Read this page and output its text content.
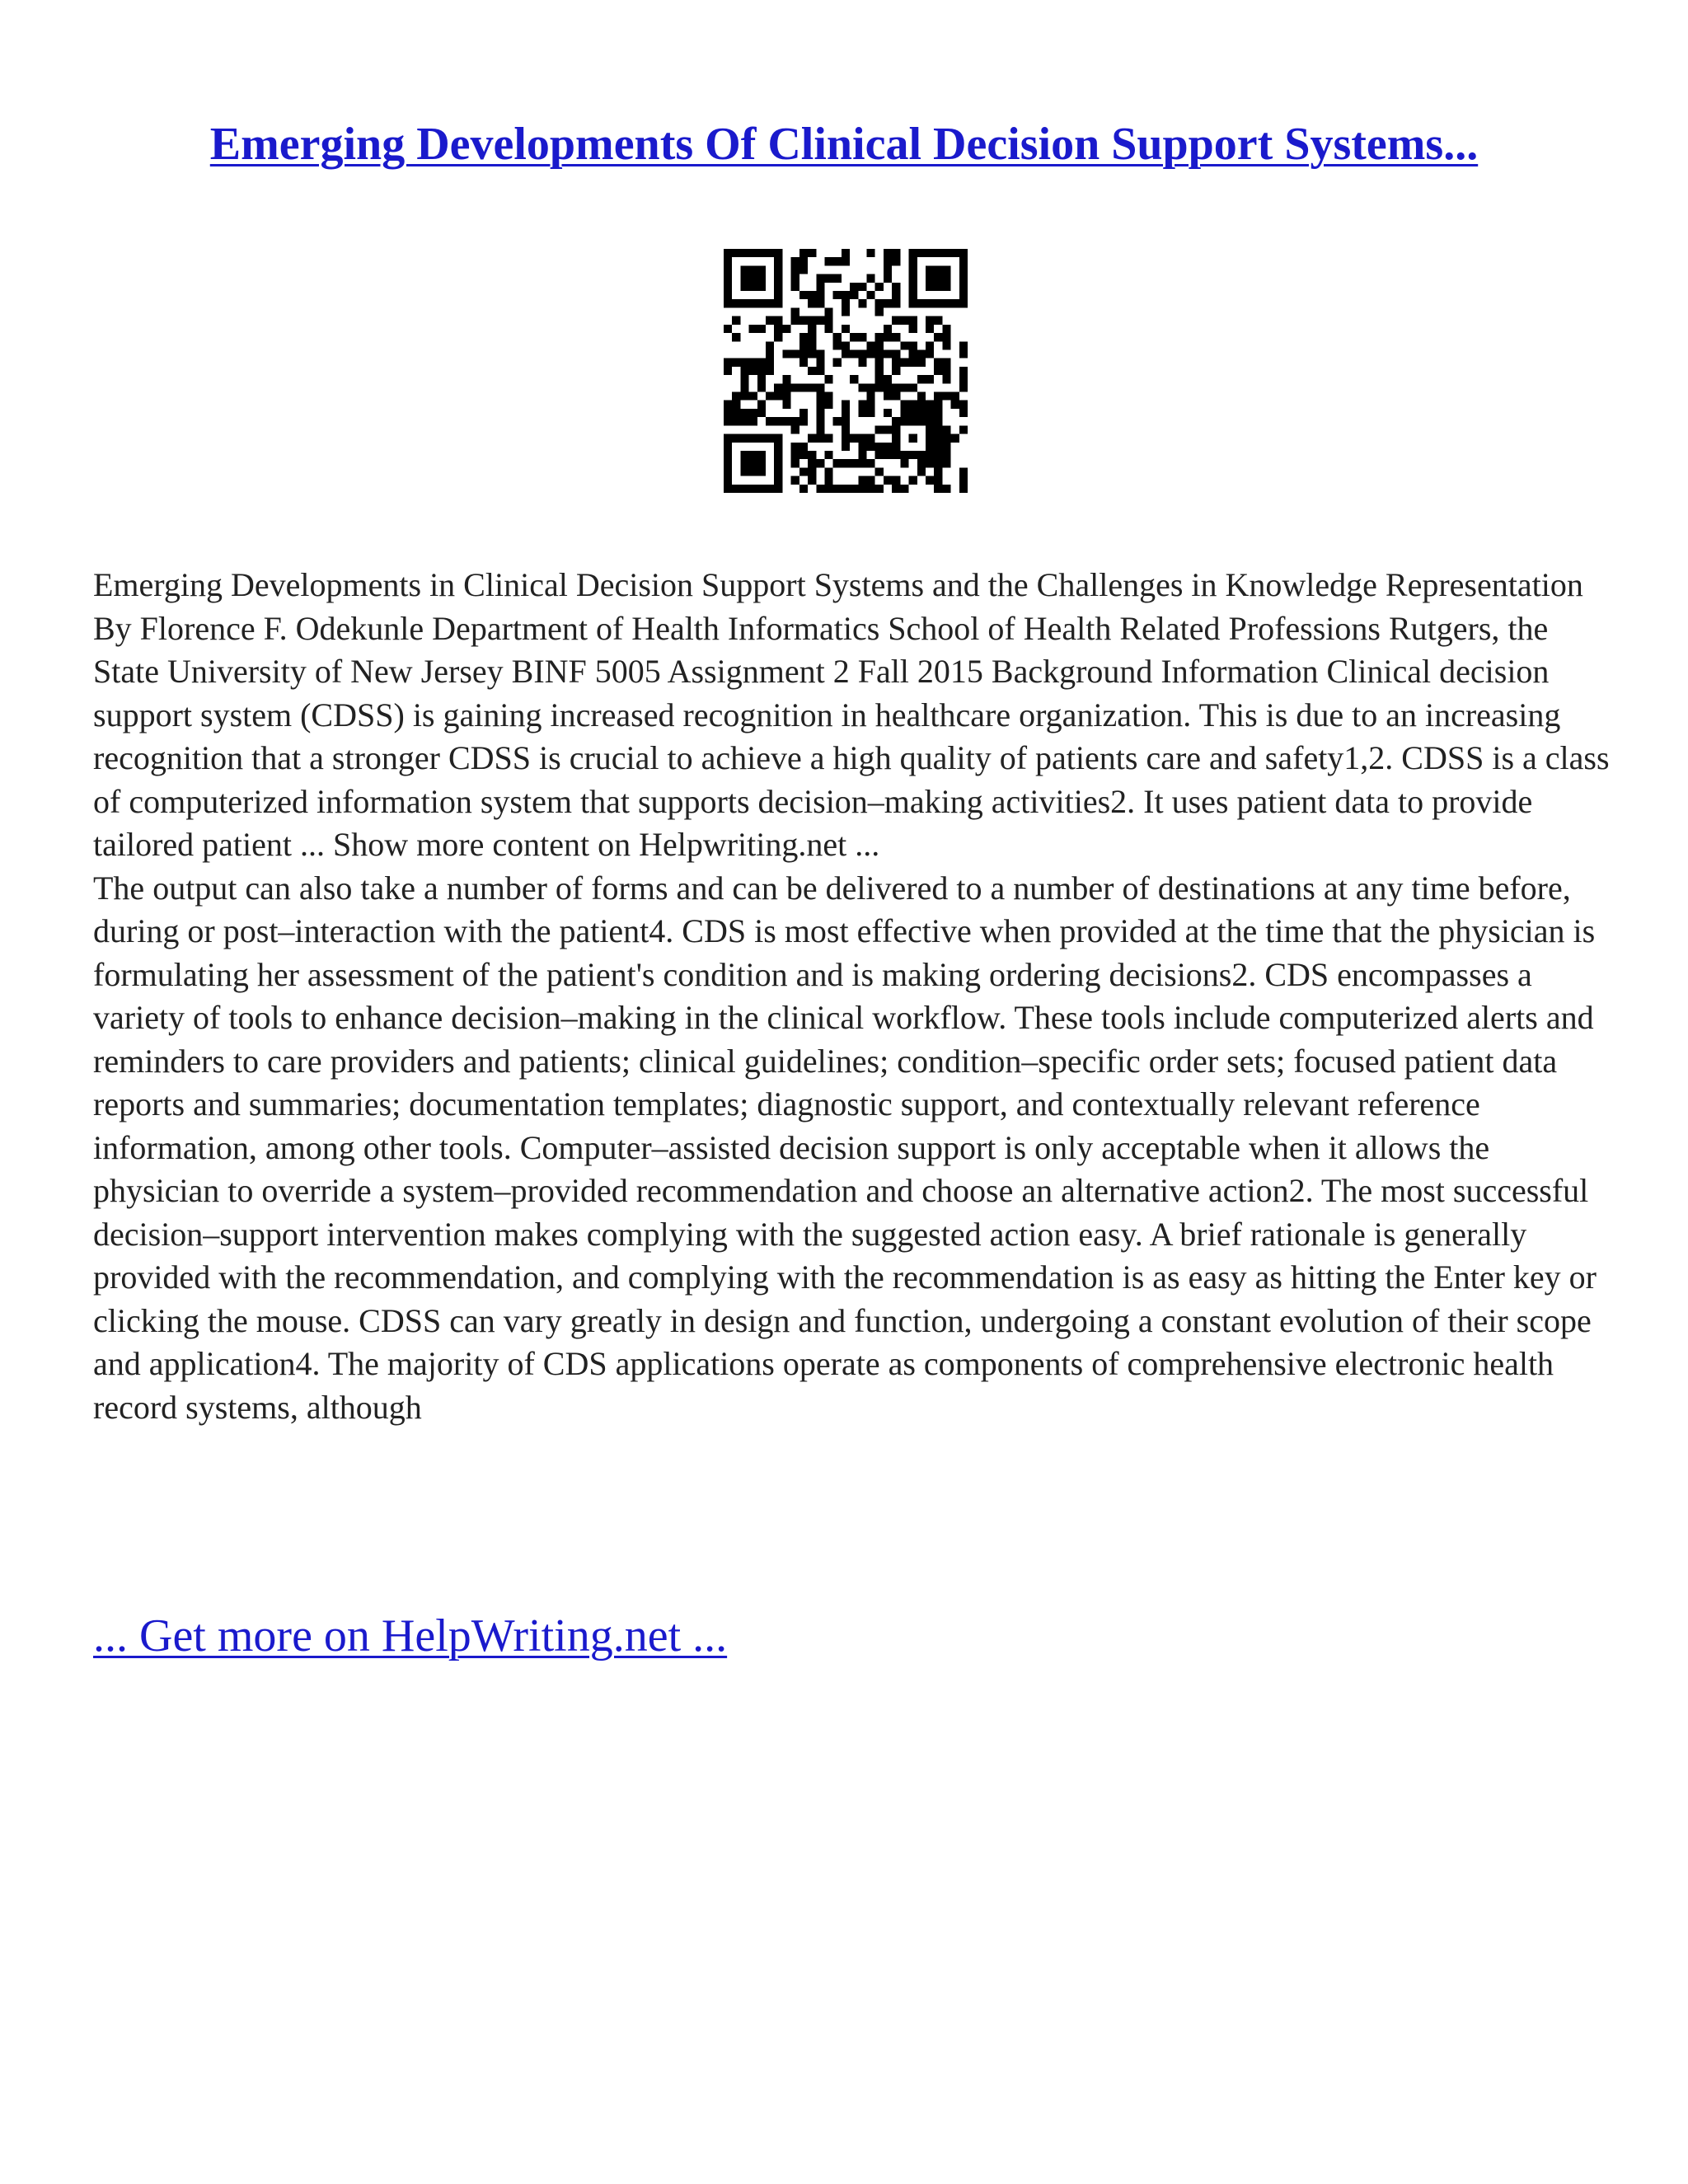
Emerging Developments Of Clinical Decision Support Systems...

Emerging Developments in Clinical Decision Support Systems and the Challenges in Knowledge Representation By Florence F. Odekunle Department of Health Informatics School of Health Related Professions Rutgers, the State University of New Jersey BINF 5005 Assignment 2 Fall 2015 Background Information Clinical decision support system (CDSS) is gaining increased recognition in healthcare organization. This is due to an increasing recognition that a stronger CDSS is crucial to achieve a high quality of patients care and safety1,2. CDSS is a class of computerized information system that supports decision–making activities2. It uses patient data to provide tailored patient ... Show more content on Helpwriting.net ...

The output can also take a number of forms and can be delivered to a number of destinations at any time before, during or post–interaction with the patient4. CDS is most effective when provided at the time that the physician is formulating her assessment of the patient's condition and is making ordering decisions2. CDS encompasses a variety of tools to enhance decision–making in the clinical workflow. These tools include computerized alerts and reminders to care providers and patients; clinical guidelines; condition–specific order sets; focused patient data reports and summaries; documentation templates; diagnostic support, and contextually relevant reference information, among other tools. Computer–assisted decision support is only acceptable when it allows the physician to override a system–provided recommendation and choose an alternative action2. The most successful decision–support intervention makes complying with the suggested action easy. A brief rationale is generally provided with the recommendation, and complying with the recommendation is as easy as hitting the Enter key or clicking the mouse. CDSS can vary greatly in design and function, undergoing a constant evolution of their scope and application4. The majority of CDS applications operate as components of comprehensive electronic health record systems, although

... Get more on HelpWriting.net ...
